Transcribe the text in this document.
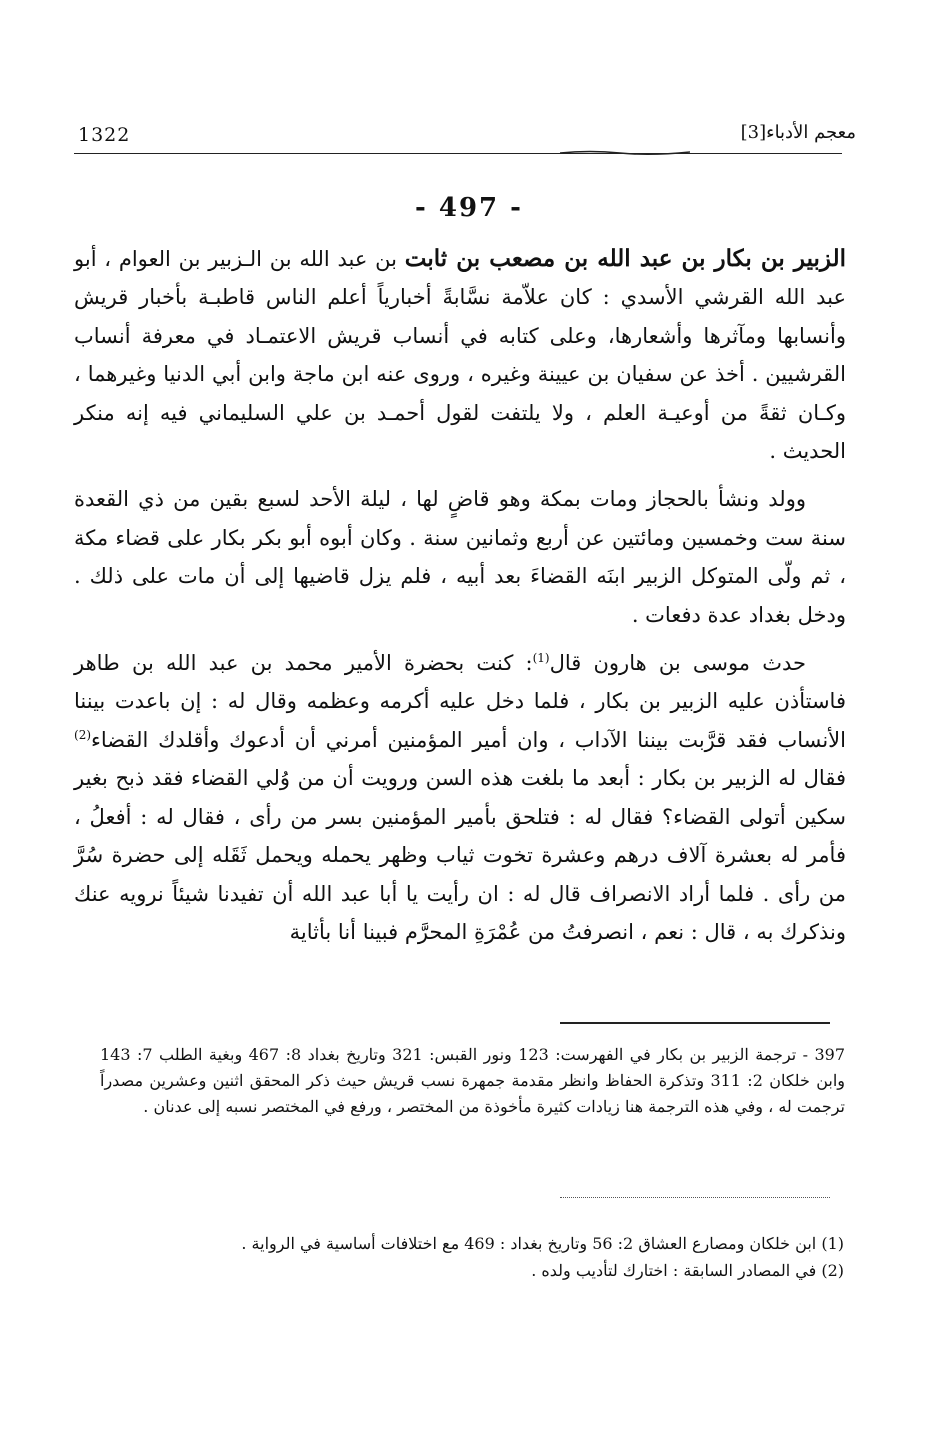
1322	معجم الأدباء[3]
- 497 -

الزبير بن بكار بن عبد الله بن مصعب بن ثابت بن عبد الله بن الـزبير بن العوام ، أبو عبد الله القرشي الأسدي : كان علاّمة نسَّابةً أخبارياً أعلم الناس قاطبـة بأخبار قريش وأنسابها ومآثرها وأشعارها، وعلى كتابه في أنساب قريش الاعتمـاد في معرفة أنساب القرشيين . أخذ عن سفيان بن عيينة وغيره ، وروى عنه ابن ماجة وابن أبي الدنيا وغيرهما ، وكـان ثقةً من أوعيـة العلم ، ولا يلتفت لقول أحمـد بن علي السليماني فيه إنه منكر الحديث .

وولد ونشأ بالحجاز ومات بمكة وهو قاضٍ لها ، ليلة الأحد لسبع بقين من ذي القعدة سنة ست وخمسين ومائتين عن أربع وثمانين سنة . وكان أبوه أبو بكر بكار على قضاء مكة ، ثم ولّى المتوكل الزبير ابنَه القضاءَ بعد أبيه ، فلم يزل قاضيها إلى أن مات على ذلك . ودخل بغداد عدة دفعات .

حدث موسى بن هارون قال$^{(1)}$: كنت بحضرة الأمير محمد بن عبد الله بن طاهر فاستأذن عليه الزبير بن بكار ، فلما دخل عليه أكرمه وعظمه وقال له : إن باعدت بيننا الأنساب فقد قرَّبت بيننا الآداب ، وان أمير المؤمنين أمرني أن أدعوك وأقلدك القضاء$^{(2)}$ فقال له الزبير بن بكار : أبعد ما بلغت هذه السن ورويت أن من وُلي القضاء فقد ذبح بغير سكين أتولى القضاء؟ فقال له : فتلحق بأمير المؤمنين بسر من رأى ، فقال له : أفعلُ ، فأمر له بعشرة آلاف درهم وعشرة تخوت ثياب وظهر يحمله ويحمل ثَقَله إلى حضرة سُرَّ من رأى . فلما أراد الانصراف قال له : ان رأيت يا أبا عبد الله أن تفيدنا شيئاً نرويه عنك ونذكرك به ، قال : نعم ، انصرفتُ من عُمْرَةِ المحرَّم فبينا أنا بأثاية

397 - ترجمة الزبير بن بكار في الفهرست: 123 ونور القبس: 321 وتاريخ بغداد 8: 467 وبغية الطلب 7: 143 وابن خلكان 2: 311 وتذكرة الحفاظ وانظر مقدمة جمهرة نسب قريش حيث ذكر المحقق اثنين وعشرين مصدراً ترجمت له ، وفي هذه الترجمة هنا زيادات كثيرة مأخوذة من المختصر ، ورفع في المختصر نسبه إلى عدنان .

(1) ابن خلكان ومصارع العشاق 2: 56 وتاريخ بغداد : 469 مع اختلافات أساسية في الرواية .

(2) في المصادر السابقة : اختارك لتأديب ولده .
